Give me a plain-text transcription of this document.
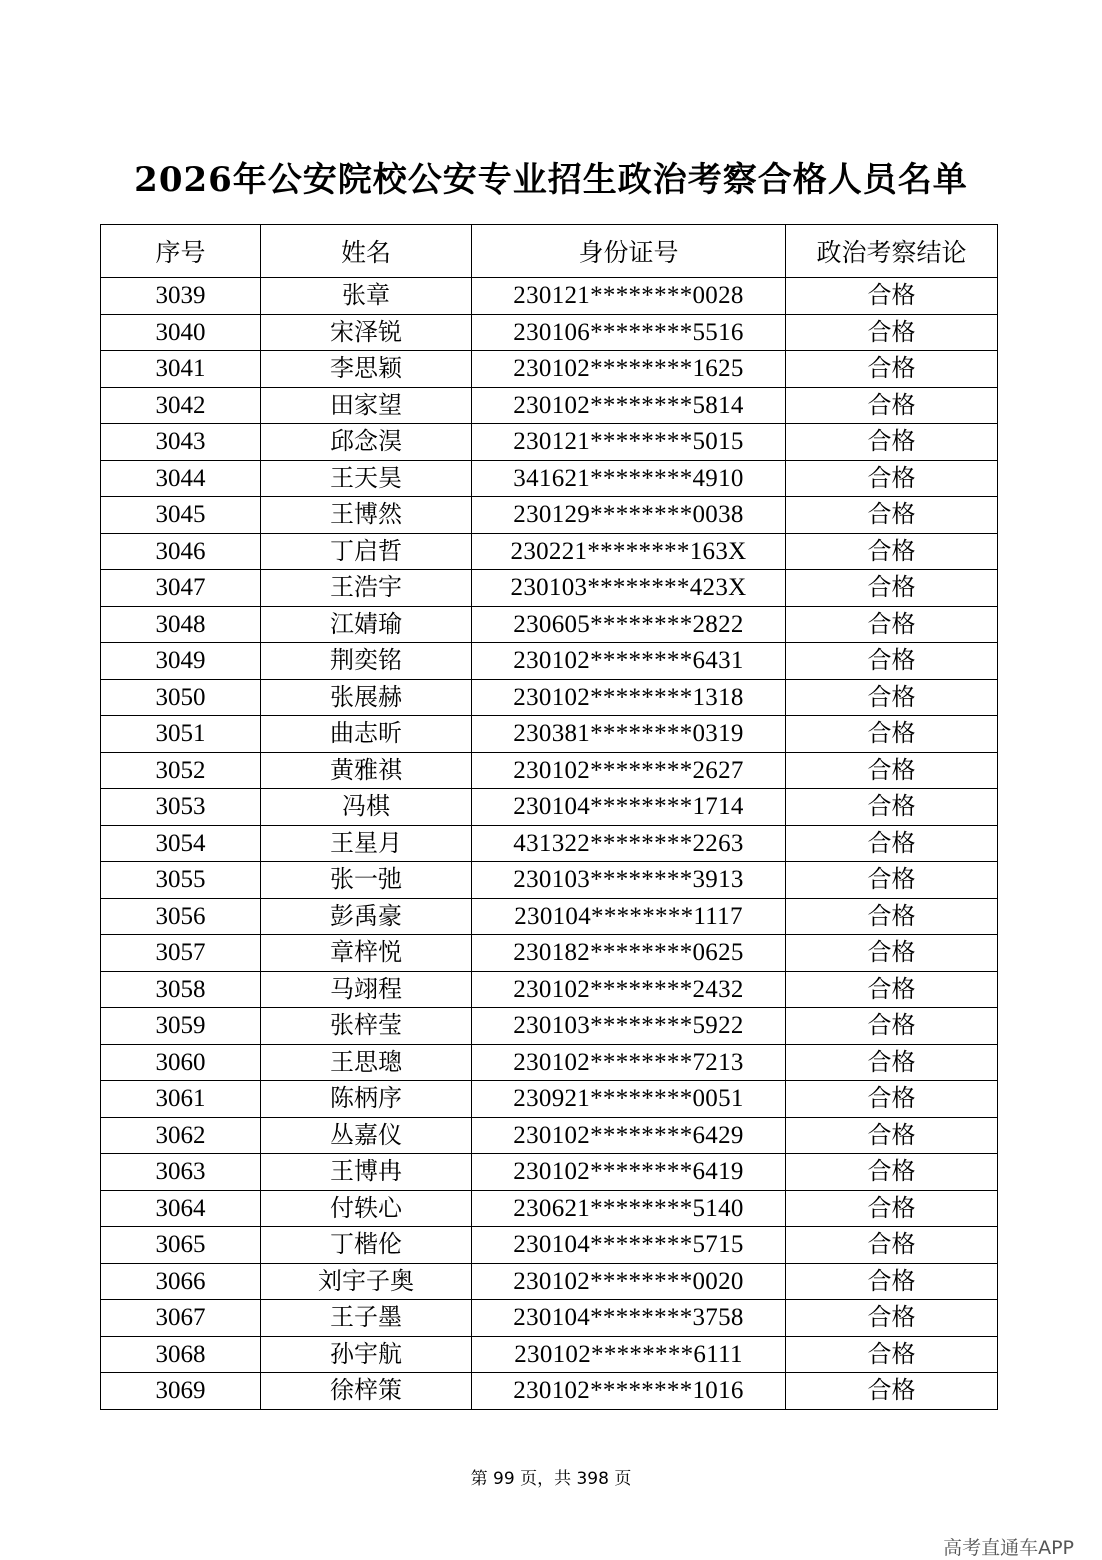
2026年公安院校公安专业招生政治考察合格人员名单
序号	姓名	身份证号	政治考察结论
3039	张章	230121********0028	合格
3040	宋泽锐	230106********5516	合格
3041	李思颖	230102********1625	合格
3042	田家望	230102********5814	合格
3043	邱念淏	230121********5015	合格
3044	王天昊	341621********4910	合格
3045	王博然	230129********0038	合格
3046	丁启哲	230221********163X	合格
3047	王浩宇	230103********423X	合格
3048	江婧瑜	230605********2822	合格
3049	荆奕铭	230102********6431	合格
3050	张展赫	230102********1318	合格
3051	曲志昕	230381********0319	合格
3052	黄雅祺	230102********2627	合格
3053	冯棋	230104********1714	合格
3054	王星月	431322********2263	合格
3055	张一弛	230103********3913	合格
3056	彭禹豪	230104********1117	合格
3057	章梓悦	230182********0625	合格
3058	马翊程	230102********2432	合格
3059	张梓莹	230103********5922	合格
3060	王思璁	230102********7213	合格
3061	陈柄序	230921********0051	合格
3062	丛嘉仪	230102********6429	合格
3063	王博冉	230102********6419	合格
3064	付轶心	230621********5140	合格
3065	丁楷伦	230104********5715	合格
3066	刘宇子奥	230102********0020	合格
3067	王子墨	230104********3758	合格
3068	孙宇航	230102********6111	合格
3069	徐梓策	230102********1016	合格
第 99 页，共 398 页
高考直通车APP
